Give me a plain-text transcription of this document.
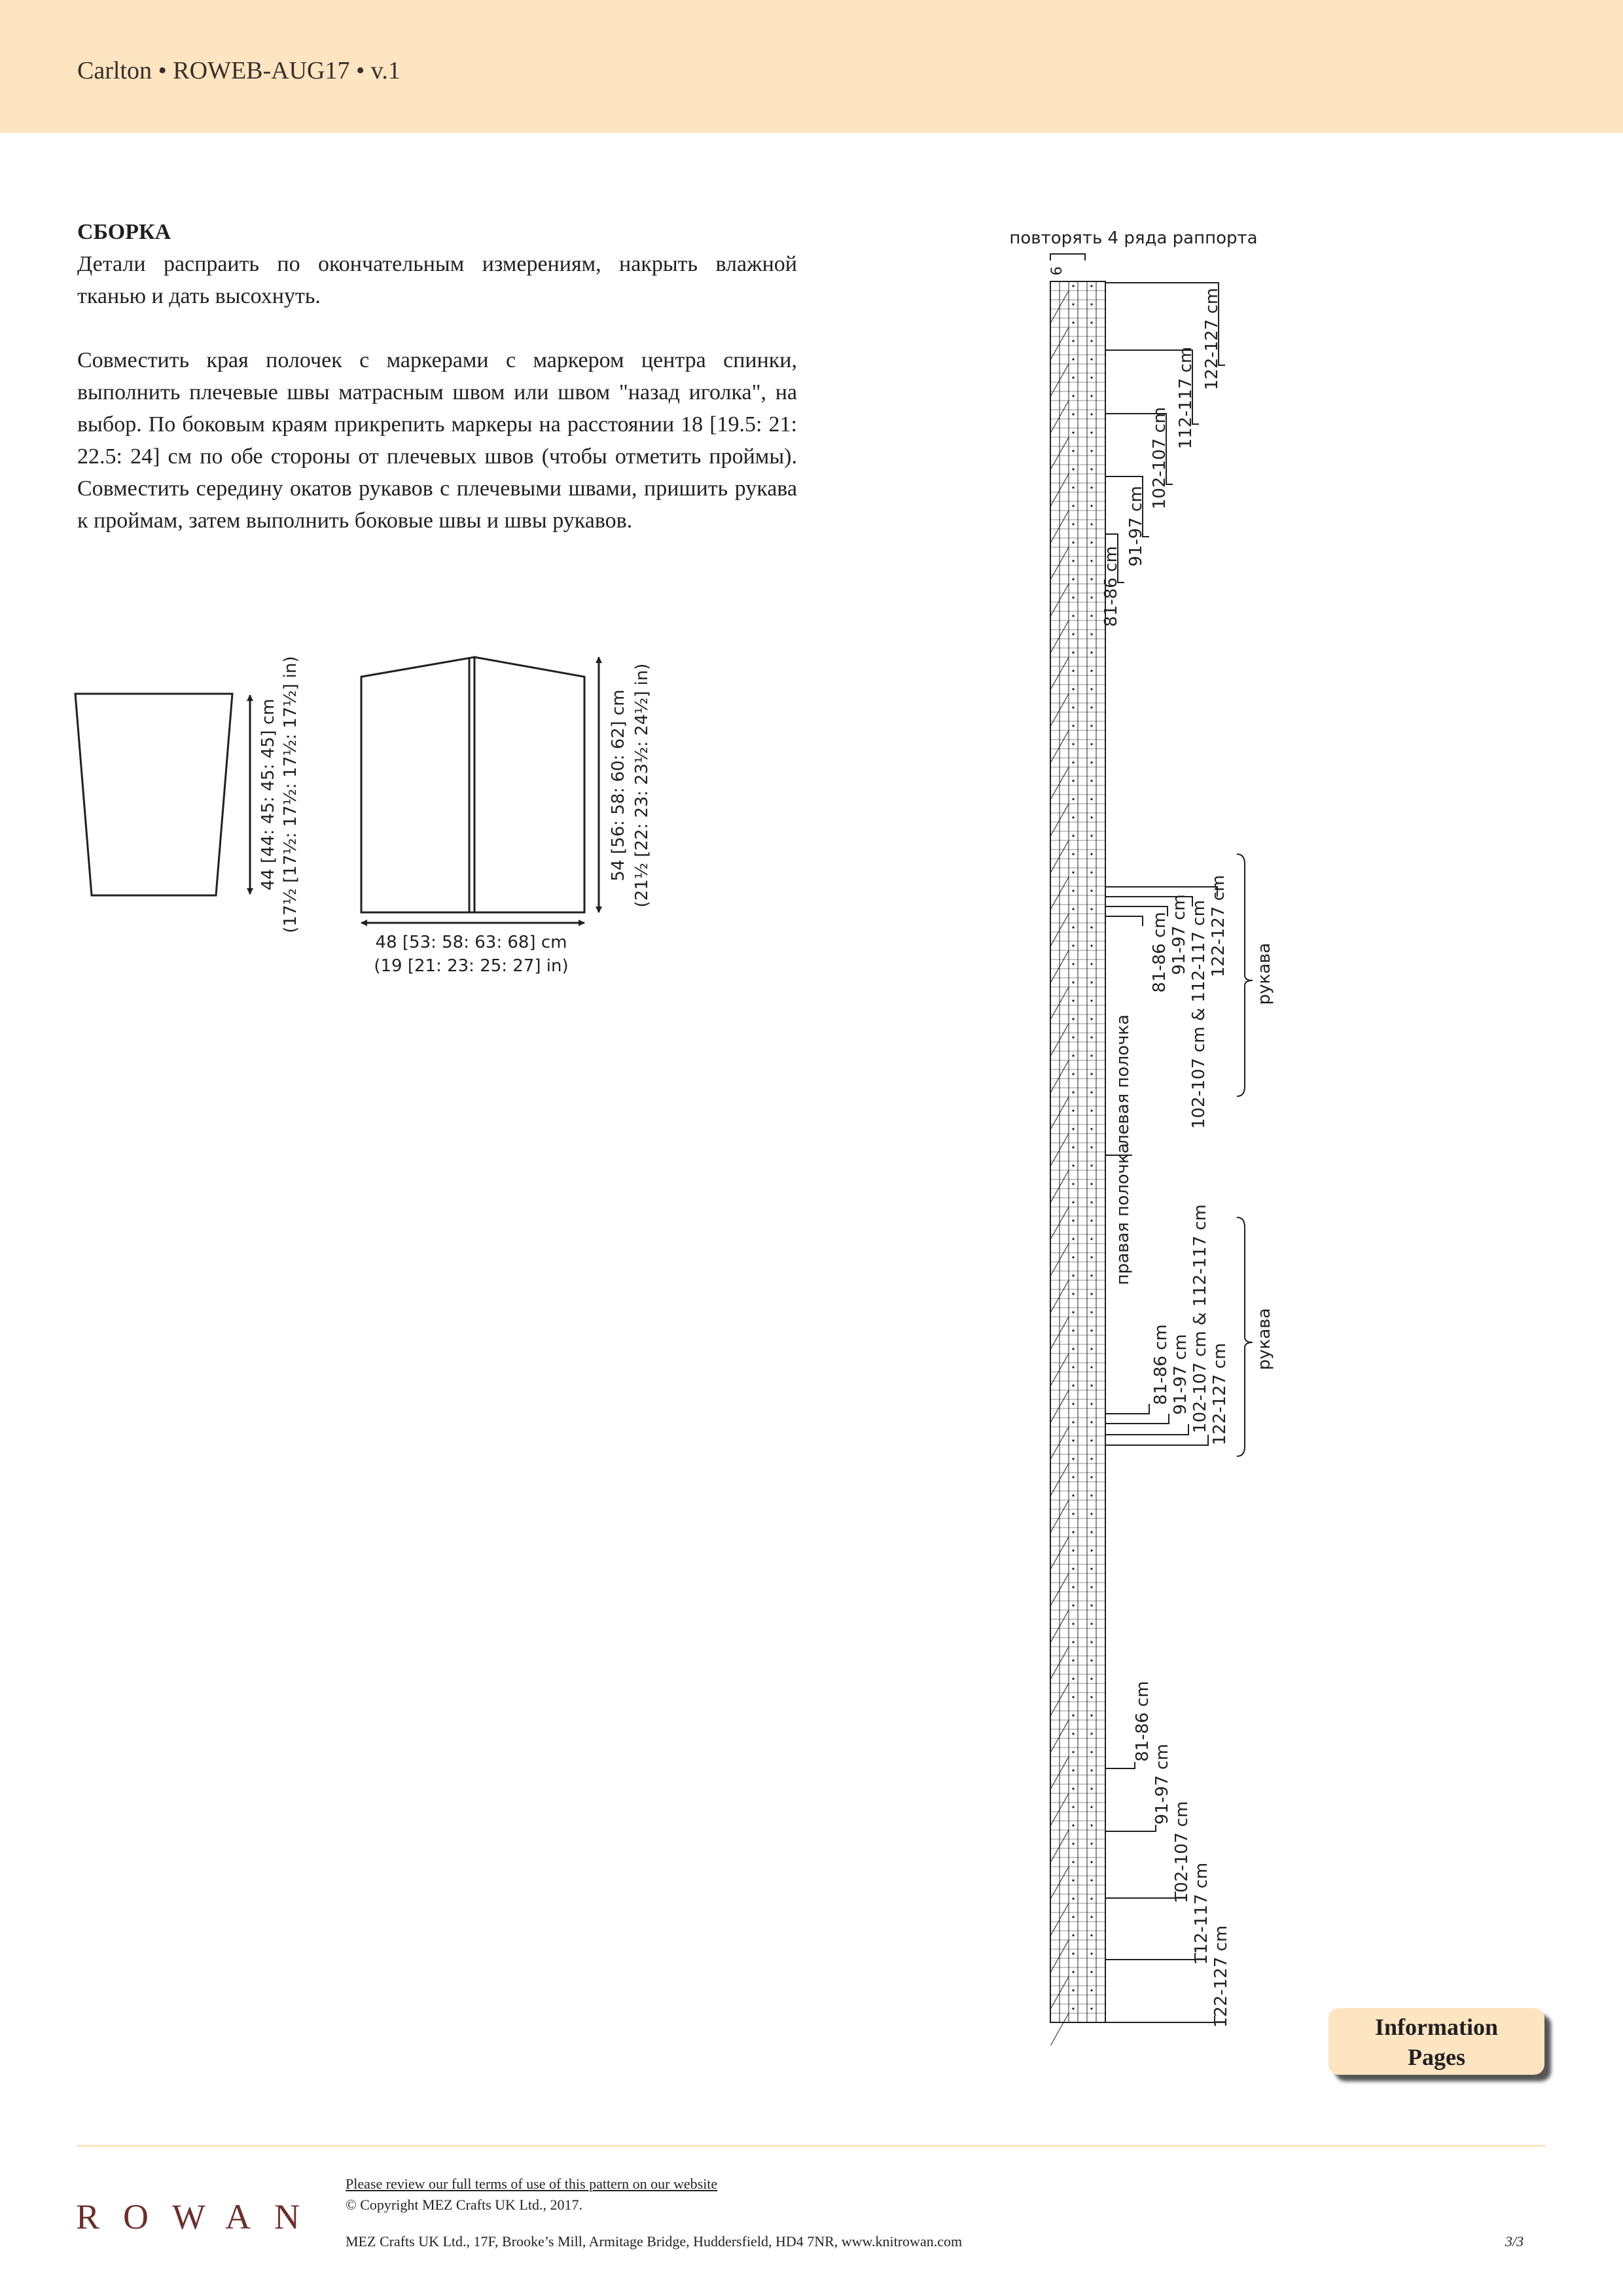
Carlton • ROWEB-AUG17 • v.1
СБОРКА

Детали распраить по окончательным измерениям, накрыть влажной тканью и дать высохнуть.

Совместить края полочек с маркерами с маркером центра спинки, выполнить плечевые швы матрасным швом или швом "назад иголка", на выбор. По боковым краям прикрепить маркеры на расстоянии 18 [19.5: 21: 22.5: 24] см по обе стороны от плечевых швов (чтобы отметить проймы). Совместить середину окатов рукавов с плечевыми швами, пришить рукава к проймам, затем выполнить боковые швы и швы рукавов.

44 [44: 45: 45: 45] cm (17½ [17½: 17½: 17½: 17½] in)	54 [56: 58: 60: 62] cm (21½ [22: 23: 23½: 24½] in)
48 [53: 58: 63: 68] cm
(19 [21: 23: 25: 27] in)
повторять 4 ряда раппорта
6
122-127 cm
112-117 cm
102-107 cm
91-97 cm
81-86 cm
81-86 cm 91-97 cm 102-107 cm & 112-117 cm 122-127 cm рукава
левая полочка
правая полочка
81-86 cm 91-97 cm 102-107 cm & 112-117 cm 122-127 cm
рукава
81-86 cm
91-97 cm
102-107 cm
112-117 cm
122-127 cm	Information
Pages
ROWAN
Please review our full terms of use of this pattern on our website
© Copyright MEZ Crafts UK Ltd., 2017.
MEZ Crafts UK Ltd., 17F, Brooke’s Mill, Armitage Bridge, Huddersfield, HD4 7NR, www.knitrowan.com	3/3
